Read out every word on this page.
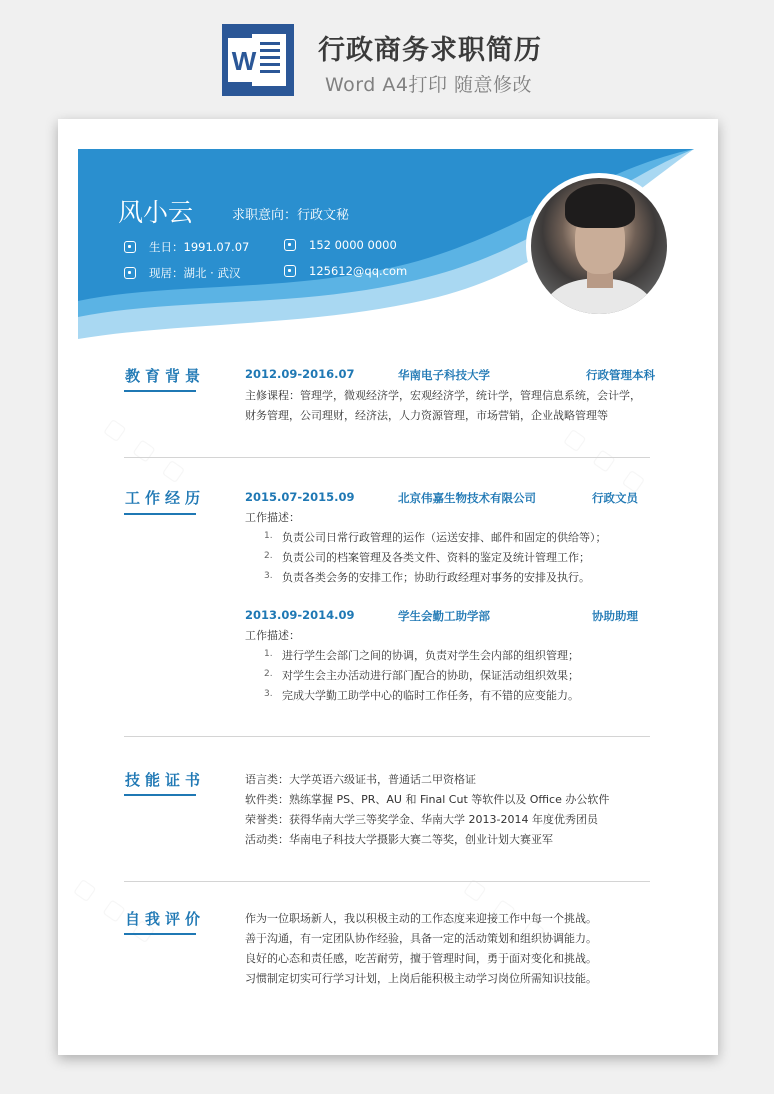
W 行政商务求职简历
Word A4打印 随意修改
风小云	求职意向：行政文秘
生日：1991.07.07
现居：湖北 · 武汉
152 0000 0000
125612@qq.com
教育背景	2012.09-2016.07	华南电子科技大学	行政管理本科
主修课程：管理学，微观经济学，宏观经济学，统计学，管理信息系统，会计学，
财务管理，公司理财，经济法，人力资源管理，市场营销，企业战略管理等
工作经历	2015.07-2015.09	北京伟嘉生物技术有限公司	行政文员
工作描述：
1. 负责公司日常行政管理的运作（运送安排、邮件和固定的供给等）；
2. 负责公司的档案管理及各类文件、资料的鉴定及统计管理工作；
3. 负责各类会务的安排工作；协助行政经理对事务的安排及执行。
2013.09-2014.09	学生会勤工助学部	协助助理
工作描述：
1. 进行学生会部门之间的协调，负责对学生会内部的组织管理；
2. 对学生会主办活动进行部门配合的协助，保证活动组织效果；
3. 完成大学勤工助学中心的临时工作任务，有不错的应变能力。
技能证书	语言类：大学英语六级证书，普通话二甲资格证
软件类：熟练掌握 PS、PR、AU 和 Final Cut 等软件以及 Office 办公软件
荣誉类：获得华南大学三等奖学金、华南大学 2013-2014 年度优秀团员
活动类：华南电子科技大学摄影大赛二等奖，创业计划大赛亚军
自我评价	作为一位职场新人，我以积极主动的工作态度来迎接工作中每一个挑战。
善于沟通，有一定团队协作经验，具备一定的活动策划和组织协调能力。
良好的心态和责任感，吃苦耐劳，擅于管理时间，勇于面对变化和挑战。
习惯制定切实可行学习计划，上岗后能积极主动学习岗位所需知识技能。
